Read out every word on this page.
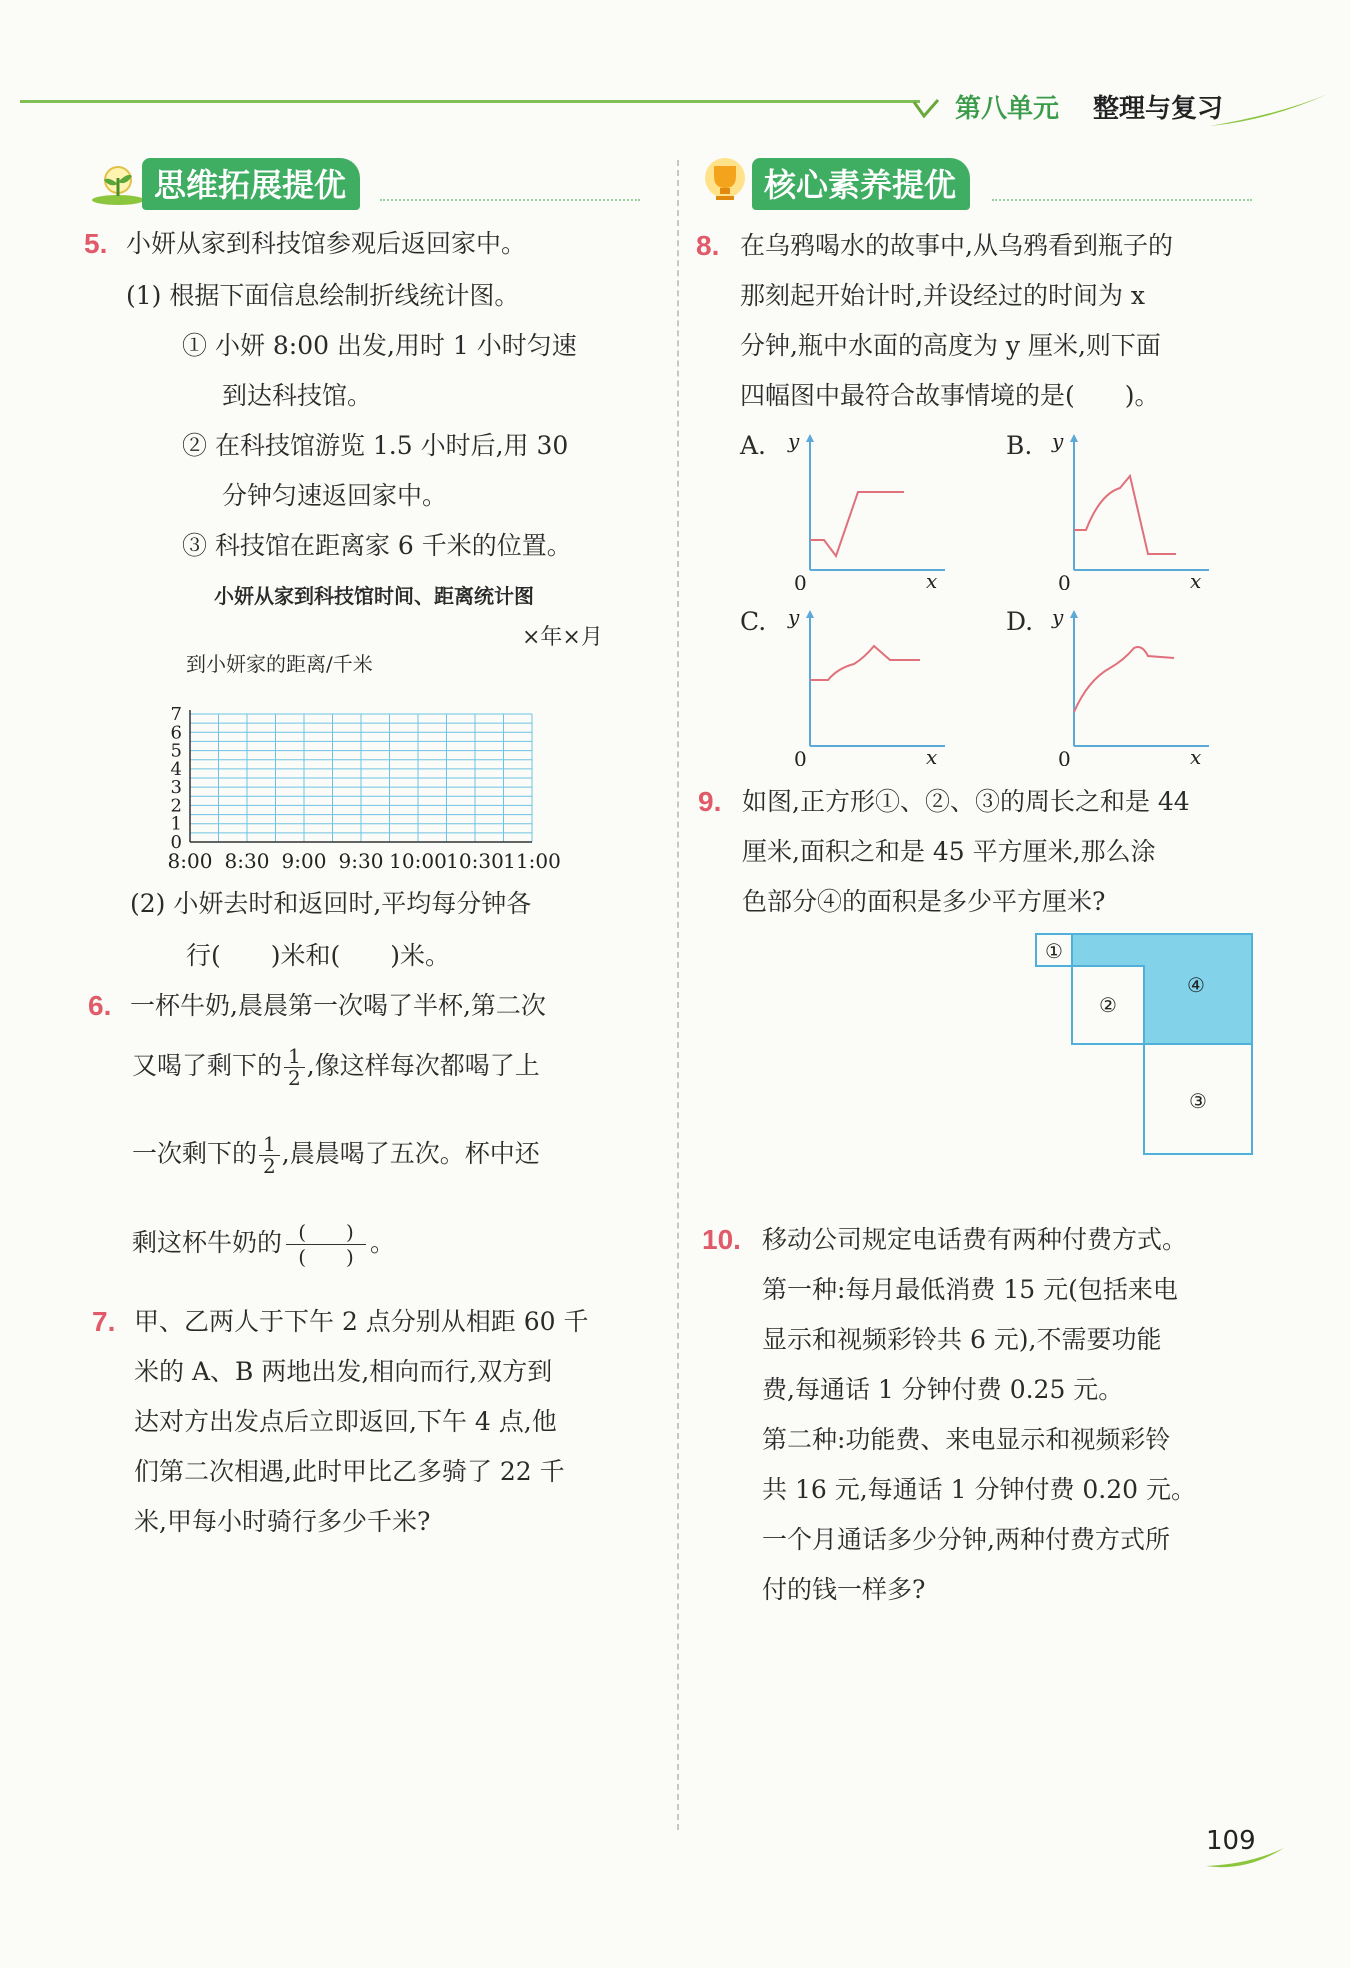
第八单元 整理与复习
思维拓展提优	核心素养提优
5. 小妍从家到科技馆参观后返回家中。
(1) 根据下面信息绘制折线统计图。
① 小妍 8:00 出发,用时 1 小时匀速
到达科技馆。
② 在科技馆游览 1.5 小时后,用 30
分钟匀速返回家中。
③ 科技馆在距离家 6 千米的位置。
小妍从家到科技馆时间、距离统计图
×年×月
到小妍家的距离/千米
0
1
2
3
4
5
6
7
8:00 8:30 9:00 9:30 10:00 10:30 11:00
(2) 小妍去时和返回时,平均每分钟各
行(　　)米和(　　)米。
6. 一杯牛奶,晨晨第一次喝了半杯,第二次
又喝了剩下的 $\frac{1}{2}$ ,像这样每次都喝了上
一次剩下的 $\frac{1}{2}$ ,晨晨喝了五次。杯中还
剩这杯牛奶的 $\frac{( )}{( )}$ 。
7. 甲、乙两人于下午 2 点分别从相距 60 千
米的 A、B 两地出发,相向而行,双方到
达对方出发点后立即返回,下午 4 点,他
们第二次相遇,此时甲比乙多骑了 22 千
米,甲每小时骑行多少千米?
8. 在乌鸦喝水的故事中,从乌鸦看到瓶子的
那刻起开始计时,并设经过的时间为 x
分钟,瓶中水面的高度为 y 厘米,则下面
四幅图中最符合故事情境的是(　　)。
A. y
0	x
B. y
0	x
C. y
0	x
D. y
0	x
9. 如图,正方形①、②、③的周长之和是 44
厘米,面积之和是 45 平方厘米,那么涂
色部分④的面积是多少平方厘米?
①
②
③
④
10. 移动公司规定电话费有两种付费方式。
第一种:每月最低消费 15 元(包括来电
显示和视频彩铃共 6 元),不需要功能
费,每通话 1 分钟付费 0.25 元。
第二种:功能费、来电显示和视频彩铃
共 16 元,每通话 1 分钟付费 0.20 元。
一个月通话多少分钟,两种付费方式所
付的钱一样多?
109
